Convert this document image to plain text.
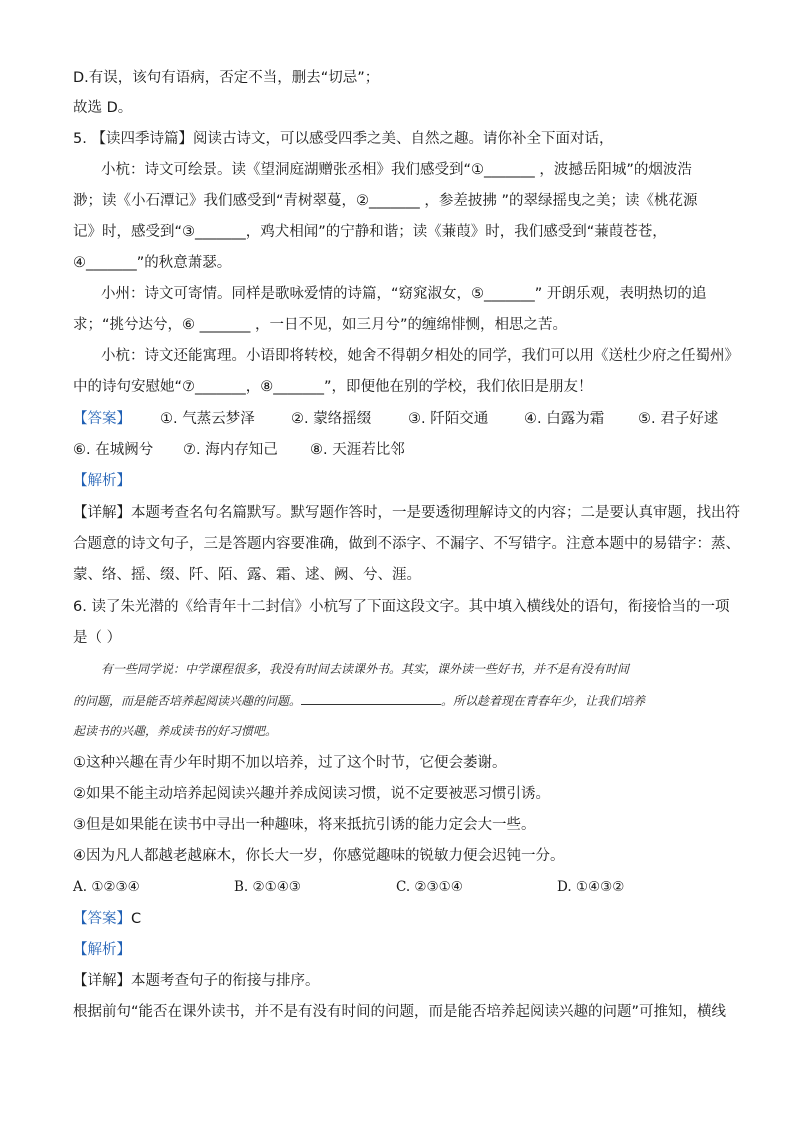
D.有误，该句有语病，否定不当，删去“切忌”；
故选 D。
5. 【读四季诗篇】阅读古诗文，可以感受四季之美、自然之趣。请你补全下面对话，
小杭：诗文可绘景。读《望洞庭湖赠张丞相》我们感受到“①_______ ，波撼岳阳城”的烟波浩
渺；读《小石潭记》我们感受到“青树翠蔓，②_______ ，参差披拂 ”的翠绿摇曳之美；读《桃花源
记》时，感受到“③_______，鸡犬相闻”的宁静和谐；读《蒹葭》时，我们感受到“蒹葭苍苍，
④_______”的秋意萧瑟。
小州：诗文可寄情。同样是歌咏爱情的诗篇，“窈窕淑女，⑤_______” 开朗乐观，表明热切的追
求；“挑兮达兮，⑥ _______ ，一日不见，如三月兮”的缠绵悱恻，相思之苦。
小杭：诗文还能寓理。小语即将转校，她舍不得朝夕相处的同学，我们可以用《送杜少府之任蜀州》
中的诗句安慰她“⑦_______，⑧_______”，即便他在别的学校，我们依旧是朋友！
【答案】 ①. 气蒸云梦泽	②. 蒙络摇缀	③. 阡陌交通 ④. 白露为霜 ⑤. 君子好逑
⑥. 在城阙兮 ⑦. 海内存知己 ⑧. 天涯若比邻
【解析】
【详解】本题考查名句名篇默写。默写题作答时，一是要透彻理解诗文的内容；二是要认真审题，找出符
合题意的诗文句子，三是答题内容要准确，做到不添字、不漏字、不写错字。注意本题中的易错字：蒸、
蒙、络、摇、缀、阡、陌、露、霜、逑、阙、兮、涯。
6. 读了朱光潜的《给青年十二封信》小杭写了下面这段文字。其中填入横线处的语句，衔接恰当的一项
是（ ）
有一些同学说：中学课程很多，我没有时间去读课外书。其实，课外读一些好书，并不是有没有时间
的问题，而是能否培养起阅读兴趣的问题。	。所以趁着现在青春年少，让我们培养
起读书的兴趣，养成读书的好习惯吧。
①这种兴趣在青少年时期不加以培养，过了这个时节，它便会萎谢。
②如果不能主动培养起阅读兴趣并养成阅读习惯，说不定要被恶习惯引诱。
③但是如果能在读书中寻出一种趣味，将来抵抗引诱的能力定会大一些。
④因为凡人都越老越麻木，你长大一岁，你感觉趣味的锐敏力便会迟钝一分。
A. ①②③④	B. ②①④③	C. ②③①④	D. ①④③②
【答案】C
【解析】
【详解】本题考查句子的衔接与排序。
根据前句“能否在课外读书，并不是有没有时间的问题，而是能否培养起阅读兴趣的问题”可推知，横线
